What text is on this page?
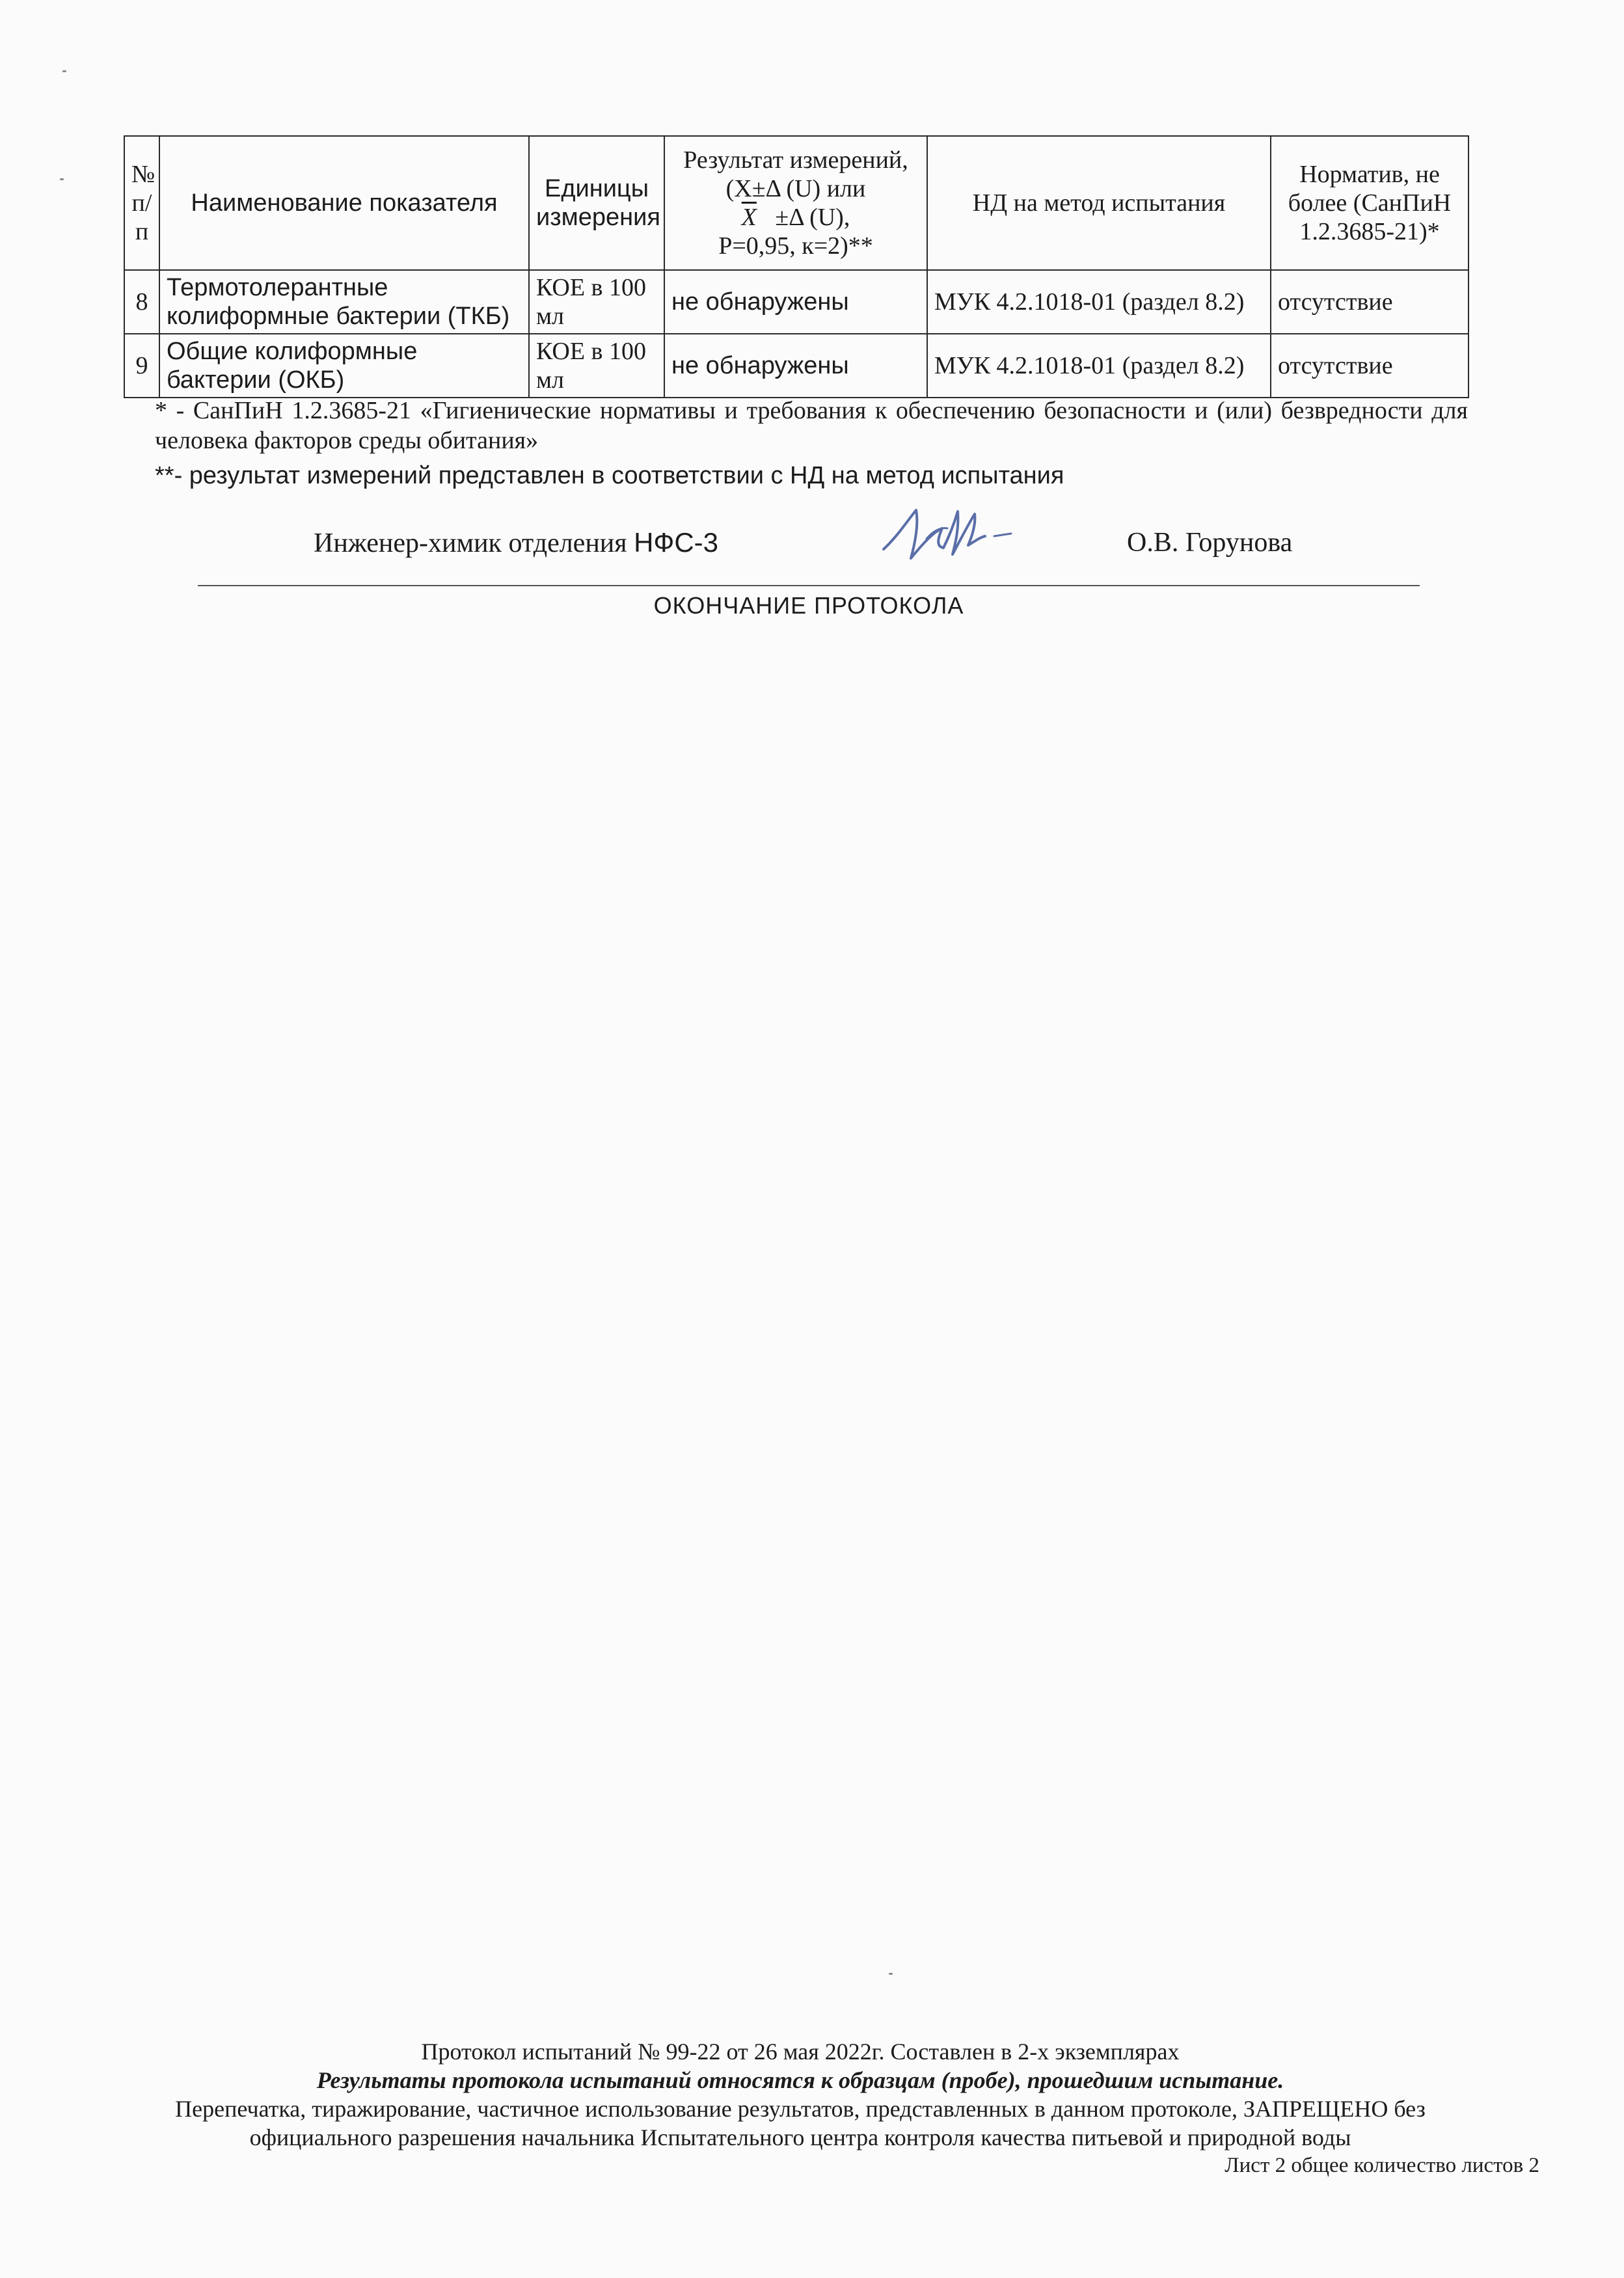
№ п/п	Наименование показателя	Единицы измерения	Результат измерений,
(Х±Δ (U) или
$\overline{X} \pm\Delta$ (U),
Р=0,95, к=2)**	НД на метод испытания	Норматив, не более (СанПиН 1.2.3685-21)*
8	Термотолерантные колиформные бактерии (ТКБ)	КОЕ в 100 мл	не обнаружены	МУК 4.2.1018-01 (раздел 8.2)	отсутствие
9	Общие колиформные бактерии (ОКБ)	КОЕ в 100 мл	не обнаружены	МУК 4.2.1018-01 (раздел 8.2)	отсутствие
* - СанПиН 1.2.3685-21 «Гигиенические нормативы и требования к обеспечению безопасности и (или) безвредности для человека факторов среды обитания»
**- результат измерений представлен в соответствии с НД на метод испытания
Инженер-химик отделения НФС-3	О.В. Горунова
ОКОНЧАНИЕ ПРОТОКОЛА
Протокол испытаний № 99-22 от 26 мая 2022г. Составлен в 2-х экземплярах
Результаты протокола испытаний относятся к образцам (пробе), прошедшим испытание.
Перепечатка, тиражирование, частичное использование результатов, представленных в данном протоколе, ЗАПРЕЩЕНО без
официального разрешения начальника Испытательного центра контроля качества питьевой и природной воды
Лист 2 общее количество листов 2
